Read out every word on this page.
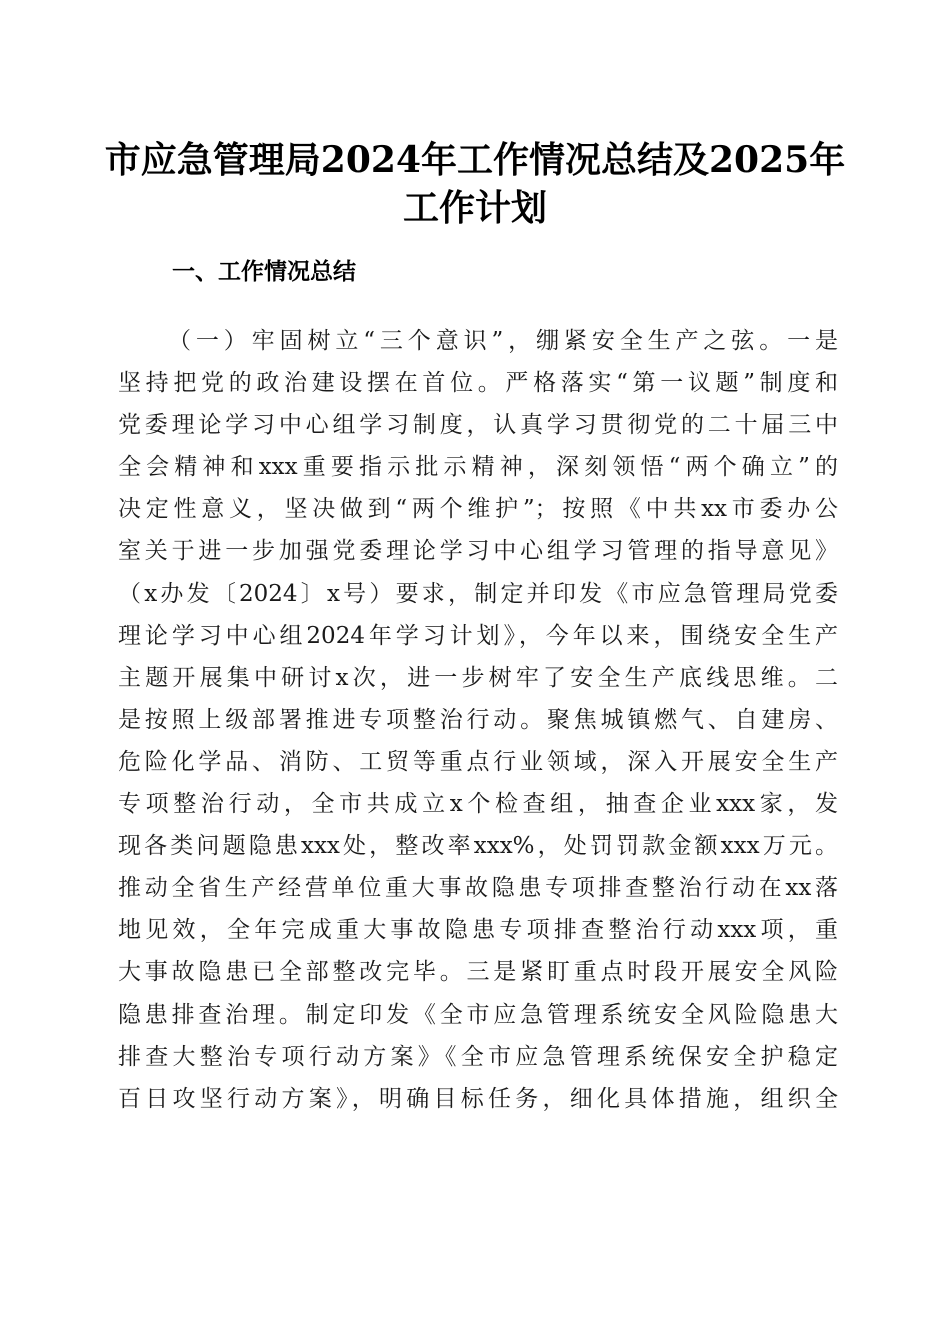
市应急管理局2024年工作情况总结及2025年
工作计划
一、工作情况总结
（一）牢固树立“三个意识”，绷紧安全生产之弦。一是
坚持把党的政治建设摆在首位。严格落实“第一议题”制度和
党委理论学习中心组学习制度，认真学习贯彻党的二十届三中
全会精神和xxx重要指示批示精神，深刻领悟“两个确立”的
决定性意义，坚决做到“两个维护”；按照《中共xx市委办公
室关于进一步加强党委理论学习中心组学习管理的指导意见》
（x办发〔2024〕x号）要求，制定并印发《市应急管理局党委
理论学习中心组2024年学习计划》，今年以来，围绕安全生产
主题开展集中研讨x次，进一步树牢了安全生产底线思维。二
是按照上级部署推进专项整治行动。聚焦城镇燃气、自建房、
危险化学品、消防、工贸等重点行业领域，深入开展安全生产
专项整治行动，全市共成立x个检查组，抽查企业xxx家，发
现各类问题隐患xxx处，整改率xxx%，处罚罚款金额xxx万元。
推动全省生产经营单位重大事故隐患专项排查整治行动在xx落
地见效，全年完成重大事故隐患专项排查整治行动xxx项，重
大事故隐患已全部整改完毕。三是紧盯重点时段开展安全风险
隐患排查治理。制定印发《全市应急管理系统安全风险隐患大
排查大整治专项行动方案》《全市应急管理系统保安全护稳定
百日攻坚行动方案》，明确目标任务，细化具体措施，组织全
